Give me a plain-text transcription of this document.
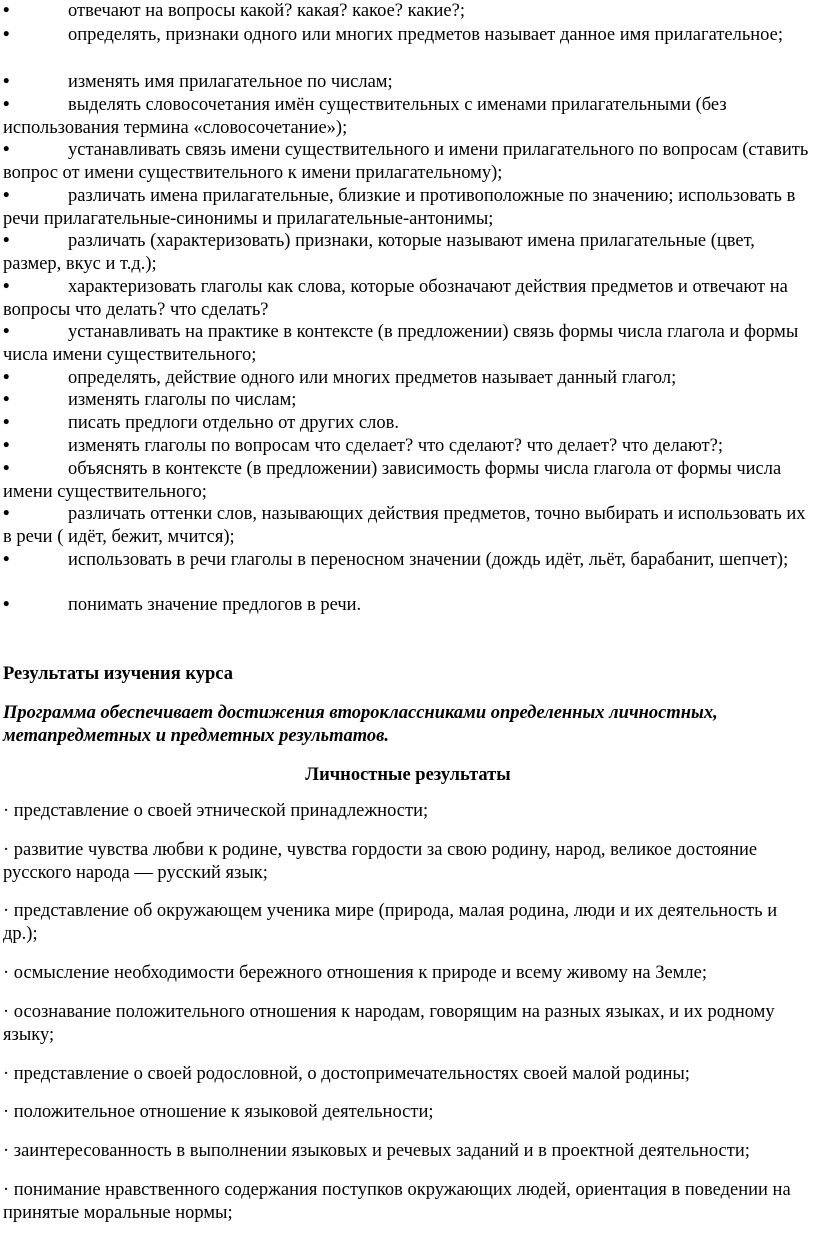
•	отвечают на вопросы какой? какая? какое? какие?;
•	определять, признаки одного или многих предметов называет данное имя прилагательное;
•	изменять имя прилагательное по числам;
•	выделять словосочетания имён существительных с именами прилагательными (без использования термина «словосочетание»);
•	устанавливать связь имени существительного и имени прилагательного по вопросам (ставить вопрос от имени существительного к имени прилагательному);
•	различать имена прилагательные, близкие и противоположные по значению; использовать в речи прилагательные-синонимы и прилагательные-антонимы;
•	различать (характеризовать) признаки, которые называют имена прилагательные (цвет, размер, вкус и т.д.);
•	характеризовать глаголы как слова, которые обозначают действия предметов и отвечают на вопросы что делать? что сделать?
•	устанавливать на практике в контексте (в предложении) связь формы числа глагола и формы числа имени существительного;
•	определять, действие одного или многих предметов называет данный глагол;
•	изменять глаголы по числам;
•	писать предлоги отдельно от других слов.
•	изменять глаголы по вопросам что сделает? что сделают? что делает? что делают?;
•	объяснять в контексте (в предложении) зависимость формы числа глагола от формы числа имени существительного;
•	различать оттенки слов, называющих действия предметов, точно выбирать и использовать их в речи ( идёт, бежит, мчится);
•	использовать в речи глаголы в переносном значении (дождь идёт, льёт, барабанит, шепчет);
•	понимать значение предлогов в речи.
Результаты изучения курса
Программа обеспечивает достижения второклассниками определенных личностных, метапредметных и предметных результатов.
Личностные результаты
· представление о своей этнической принадлежности;
· развитие чувства любви к родине, чувства гордости за свою родину, народ, великое достояние русского народа — русский язык;
· представление об окружающем ученика мире (природа, малая родина, люди и их деятельность и др.);
· осмысление необходимости бережного отношения к природе и всему живому на Земле;
· осознавание положительного отношения к народам, говорящим на разных языках, и их родному языку;
· представление о своей родословной, о достопримечательностях своей малой родины;
· положительное отношение к языковой деятельности;
· заинтересованность в выполнении языковых и речевых заданий и в проектной деятельности;
· понимание нравственного содержания поступков окружающих людей, ориентация в поведении на принятые моральные нормы;
